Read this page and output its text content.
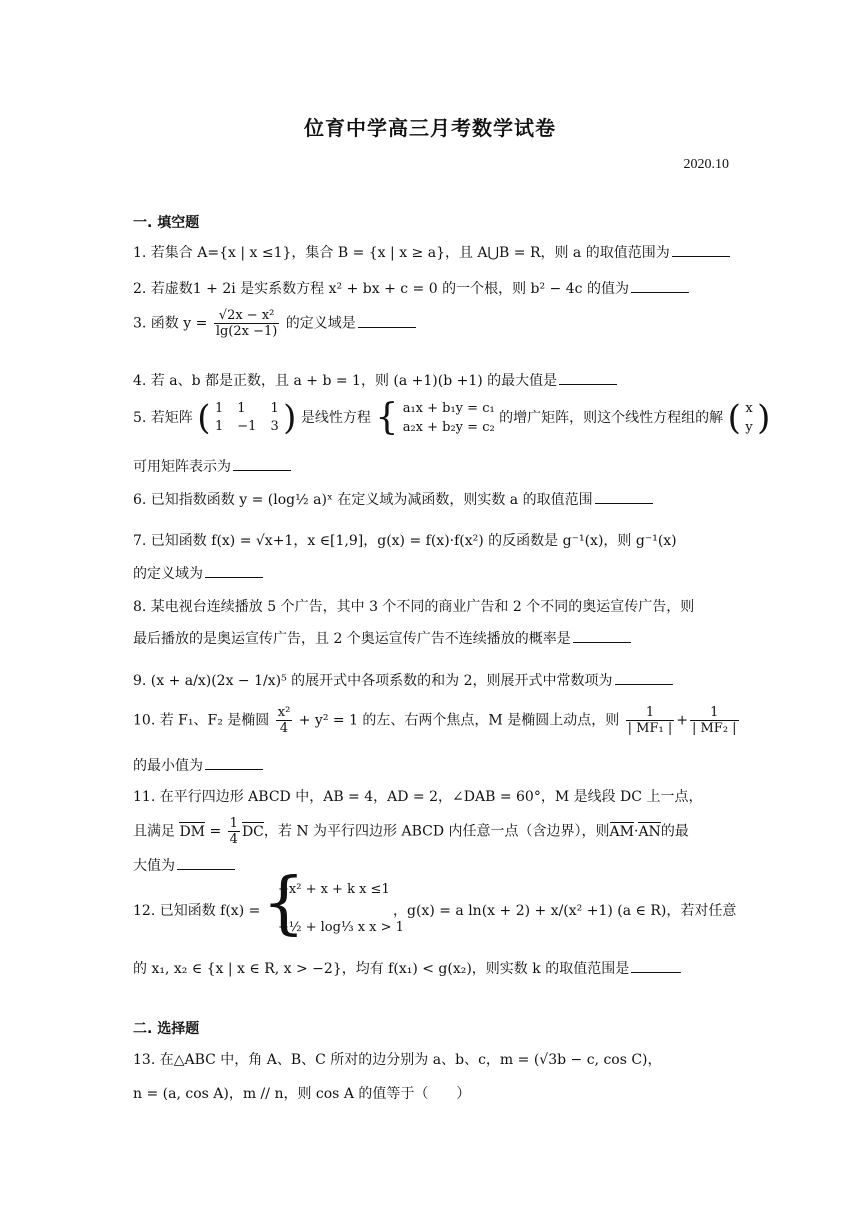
位育中学高三月考数学试卷
2020.10
一. 填空题
1. 若集合 A={x | x ≤1}，集合 B = {x | x ≥ a}，且 A⋃B = R，则 a 的取值范围为
2. 若虚数1 + 2i 是实系数方程 x² + bx + c = 0 的一个根，则 b² − 4c 的值为
3. 函数 $y = \frac{\text{√2x − x²}}{\lg(2x -1)}$ 的定义域是
4. 若 a、b 都是正数，且 a + b = 1，则 (a +1)(b +1) 的最大值是
5. 若矩阵 ( 1 1	1
1 −1 3 ) 是线性方程 { a₁x + b₁y = c₁
a₂x + b₂y = c₂
的增广矩阵，则这个线性方程组的解 ( x
y )
可用矩阵表示为
6. 已知指数函数 y = (log½ a)ˣ 在定义域为减函数，则实数 a 的取值范围
7. 已知函数 f(x) = √x+1，x ∈[1,9]，g(x) = f(x)·f(x²) 的反函数是 g⁻¹(x)，则 g⁻¹(x)
的定义域为
8. 某电视台连续播放 5 个广告，其中 3 个不同的商业广告和 2 个不同的奥运宣传广告，则
最后播放的是奥运宣传广告，且 2 个奥运宣传广告不连续播放的概率是
9. (x + a/x)(2x − 1/x)⁵ 的展开式中各项系数的和为 2，则展开式中常数项为
10. 若 F₁、F₂ 是椭圆 $\frac{\text{x²}}{4} + y^2 = 1$ 的左、右两个焦点，M 是椭圆上动点，则 $\frac{1}{\text{| MF₁ |}} + \frac{1}{\text{| MF₂ |}}$
的最小值为
11. 在平行四边形 ABCD 中，AB = 4，AD = 2，∠DAB = 60°，M 是线段 DC 上一点，
且满足 DM = $\frac{1}{4}$ DC，若 N 为平行四边形 ABCD 内任意一点（含边界），则AM·AN的最
大值为	{
−x² + x + k x ≤1
−½ + log⅓ x x > 1
12. 已知函数 f(x) =	，g(x) = a ln(x + 2) + x/(x² +1) (a ∈ R)，若对任意
的 x₁, x₂ ∈ {x | x ∈ R, x > −2}，均有 f(x₁) < g(x₂)，则实数 k 的取值范围是
二. 选择题
13. 在△ABC 中，角 A、B、C 所对的边分别为 a、b、c，m = (√3b − c, cos C)，
n = (a, cos A)，m // n，则 cos A 的值等于（　　）
